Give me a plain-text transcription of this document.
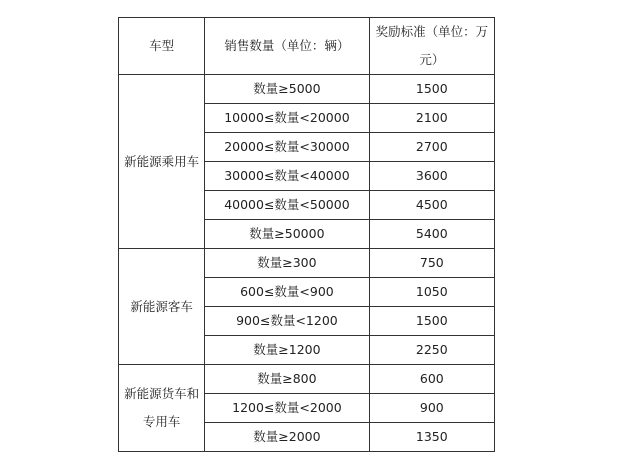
车型	销售数量（单位：辆）	奖励标准（单位：万元）

新能源乘用车	数量≥5000	1500
	10000≤数量<20000	2100
	20000≤数量<30000	2700
	30000≤数量<40000	3600
	40000≤数量<50000	4500
	数量≥50000	5400

新能源客车	数量≥300	750
	600≤数量<900	1050
	900≤数量<1200	1500
	数量≥1200	2250

新能源货车和专用车	数量≥800	600
	1200≤数量<2000	900
	数量≥2000	1350
